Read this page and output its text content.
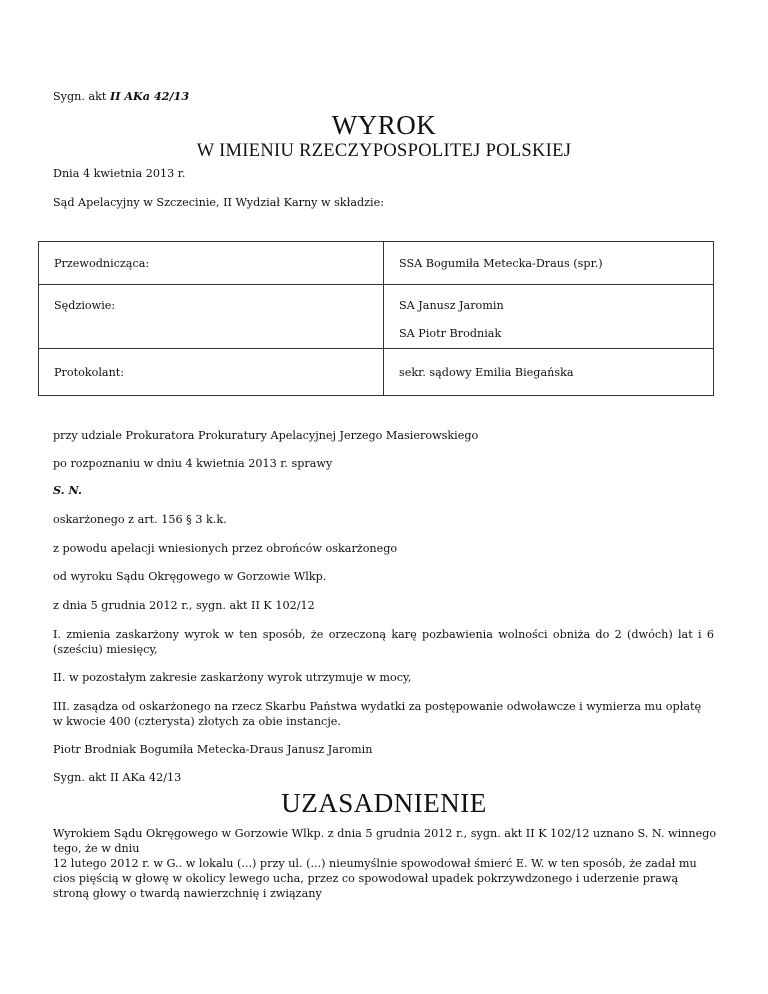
Sygn. akt II AKa 42/13
WYROK
W IMIENIU RZECZYPOSPOLITEJ POLSKIEJ
Dnia 4 kwietnia 2013 r.
Sąd Apelacyjny w Szczecinie, II Wydział Karny w składzie:
Przewodnicząca:	SSA Bogumiła Metecka-Draus (spr.)

Sędziowie:	SA Janusz Jaromin
SA Piotr Brodniak

Protokolant:	sekr. sądowy Emilia Biegańska
przy udziale Prokuratora Prokuratury Apelacyjnej Jerzego Masierowskiego
po rozpoznaniu w dniu 4 kwietnia 2013 r. sprawy
S. N.
oskarżonego z art. 156 § 3 k.k.
z powodu apelacji wniesionych przez obrońców oskarżonego
od wyroku Sądu Okręgowego w Gorzowie Wlkp.
z dnia 5 grudnia 2012 r., sygn. akt II K 102/12
I. zmienia zaskarżony wyrok w ten sposób, że orzeczoną karę pozbawienia wolności obniża do 2 (dwóch) lat i 6 (sześciu) miesięcy,
II. w pozostałym zakresie zaskarżony wyrok utrzymuje w mocy,
III. zasądza od oskarżonego na rzecz Skarbu Państwa wydatki za postępowanie odwoławcze i wymierza mu opłatę w kwocie 400 (czterysta) złotych za obie instancje.
Piotr Brodniak Bogumiła Metecka-Draus Janusz Jaromin
Sygn. akt II AKa 42/13
UZASADNIENIE
Wyrokiem Sądu Okręgowego w Gorzowie Wlkp. z dnia 5 grudnia 2012 r., sygn. akt II K 102/12 uznano S. N. winnego
tego, że w dniu
12 lutego 2012 r. w G.. w lokalu (...) przy ul. (...) nieumyślnie spowodował śmierć E. W. w ten sposób, że zadał mu cios pięścią w głowę w okolicy lewego ucha, przez co spowodował upadek pokrzywdzonego i uderzenie prawą stroną głowy o twardą nawierzchnię i związany
